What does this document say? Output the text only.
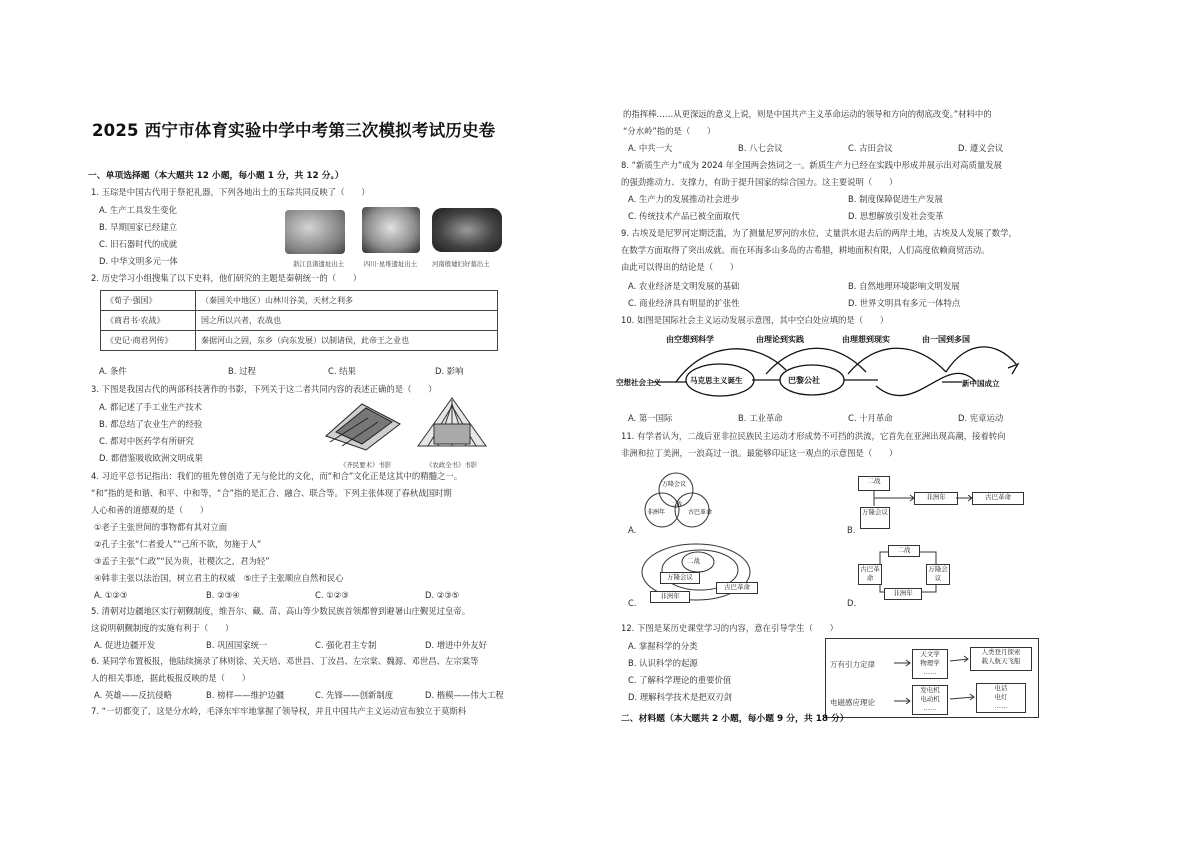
2025 西宁市体育实验中学中考第三次模拟考试历史卷
一、单项选择题（本大题共 12 小题，每小题 1 分，共 12 分。）
1. 玉琮是中国古代用于祭祀礼器，下列各地出土的玉琮共同反映了（　　）
A. 生产工具发生变化
B. 早期国家已经建立
C. 旧石器时代的成就
D. 中华文明多元一体	浙江良渚遗址出土	四川·星堆遗址出土 河南殷墟妇好墓出土
2. 历史学习小组搜集了以下史料，他们研究的主题是秦朝统一的（　　）
《荀子·强国》	（秦国关中地区）山林川谷美，天材之利多
《商君书·农战》	国之所以兴者，农战也
《史记·商君列传》	秦据河山之固，东乡（向东发展）以制诸侯，此帝王之业也
A. 条件	B. 过程	C. 结果	D. 影响
3. 下图是我国古代的两部科技著作的书影，下列关于这二者共同内容的表述正确的是（　　）
A. 都记述了手工业生产技术
B. 都总结了农业生产的经验
C. 都对中医药学有所研究
D. 都借鉴吸收欧洲文明成果
《齐民要术》书影	《农政全书》书影
4. 习近平总书记指出：我们的祖先曾创造了无与伦比的文化，而“和合”文化正是这其中的精髓之一。
“和”指的是和谐、和平、中和等，“合”指的是汇合、融合、联合等。下列主张体现了春秋战国时期
人心和善的道德观的是（　　）
①老子主张世间的事物都有其对立面
②孔子主张“仁者爱人”“己所不欲，勿施于人”
③孟子主张“仁政”“民为贵，社稷次之，君为轻”
④韩非主张以法治国，树立君主的权威　⑤庄子主张顺应自然和民心
A. ①②③	B. ②③④	C. ①②③	D. ②③⑤
5. 清朝对边疆地区实行朝觐制度，维吾尔、藏、苗、高山等少数民族首领都曾到避暑山庄觐见过皇帝。
这说明朝觐制度的实施有利于（　　）
A. 促进边疆开发	B. 巩固国家统一	C. 强化君主专制	D. 增进中外友好
6. 某同学布置板报，他陆续摘录了林则徐、关天培、邓世昌、丁汝昌、左宗棠、魏源、邓世昌、左宗棠等
人的相关事迹，据此板报反映的是（　　）
A. 英雄——反抗侵略	B. 榜样——维护边疆	C. 先锋——创新制度	D. 楷模——伟大工程
7. “一切都变了，这是分水岭，毛泽东牢牢地掌握了领导权，并且中国共产主义运动宣布独立于莫斯科
的指挥棒……从更深远的意义上说，则是中国共产主义革命运动的领导和方向的彻底改变。”材料中的
“分水岭”指的是（　　）
A. 中共一大	B. 八七会议	C. 古田会议	D. 遵义会议
8. “新质生产力”成为 2024 年全国两会热词之一。新质生产力已经在实践中形成并展示出对高质量发展
的强劲推动力、支撑力，有助于提升国家的综合国力。这主要说明（　　）
A. 生产力的发展推动社会进步	B. 制度保障促进生产发展
C. 传统技术产品已被全面取代	D. 思想解放引发社会变革
9. 古埃及是尼罗河定期泛滥，为了测量尼罗河的水位，丈量洪水退去后的两岸土地，古埃及人发展了数学，
在数学方面取得了突出成就。而在环海多山多岛的古希腊，耕地面积有限，人们高度依赖商贸活动。
由此可以得出的结论是（　　）
A. 农业经济是文明发展的基础	B. 自然地理环境影响文明发展
C. 商业经济具有明显的扩张性	D. 世界文明具有多元一体特点
10. 如图是国际社会主义运动发展示意图，其中空白处应填的是（　　）
由空想到科学	由理论到实践	由理想到现实	由一国到多国
空想社会主义	马克思主义诞生	巴黎公社	新中国成立
A. 第一国际	B. 工业革命	C. 十月革命	D. 宪章运动
11. 有学者认为，二战后亚非拉民族民主运动才形成势不可挡的洪流，它首先在亚洲出现高潮，接着转向
非洲和拉丁美洲，一浪高过一浪。最能够印证这一观点的示意图是（　　）
万隆会议
非洲年	古巴革命
二战
A.
二战
非洲年	古巴革命
万隆会议
B.
万隆会议
古巴革命
非洲年
二战
C.
二战
古巴革命
万隆会议
非洲年
D.
12. 下图是某历史课堂学习的内容，意在引导学生（　　）
A. 掌握科学的分类
B. 认识科学的起源
C. 了解科学理论的重要价值
D. 理解科学技术是把双刃剑
万有引力定律
电磁感应理论
天文学
物理学
……
发电机
电动机
……
人类登月探索
载人航天飞船
电话
电灯
……
二、材料题（本大题共 2 小题，每小题 9 分，共 18 分）
